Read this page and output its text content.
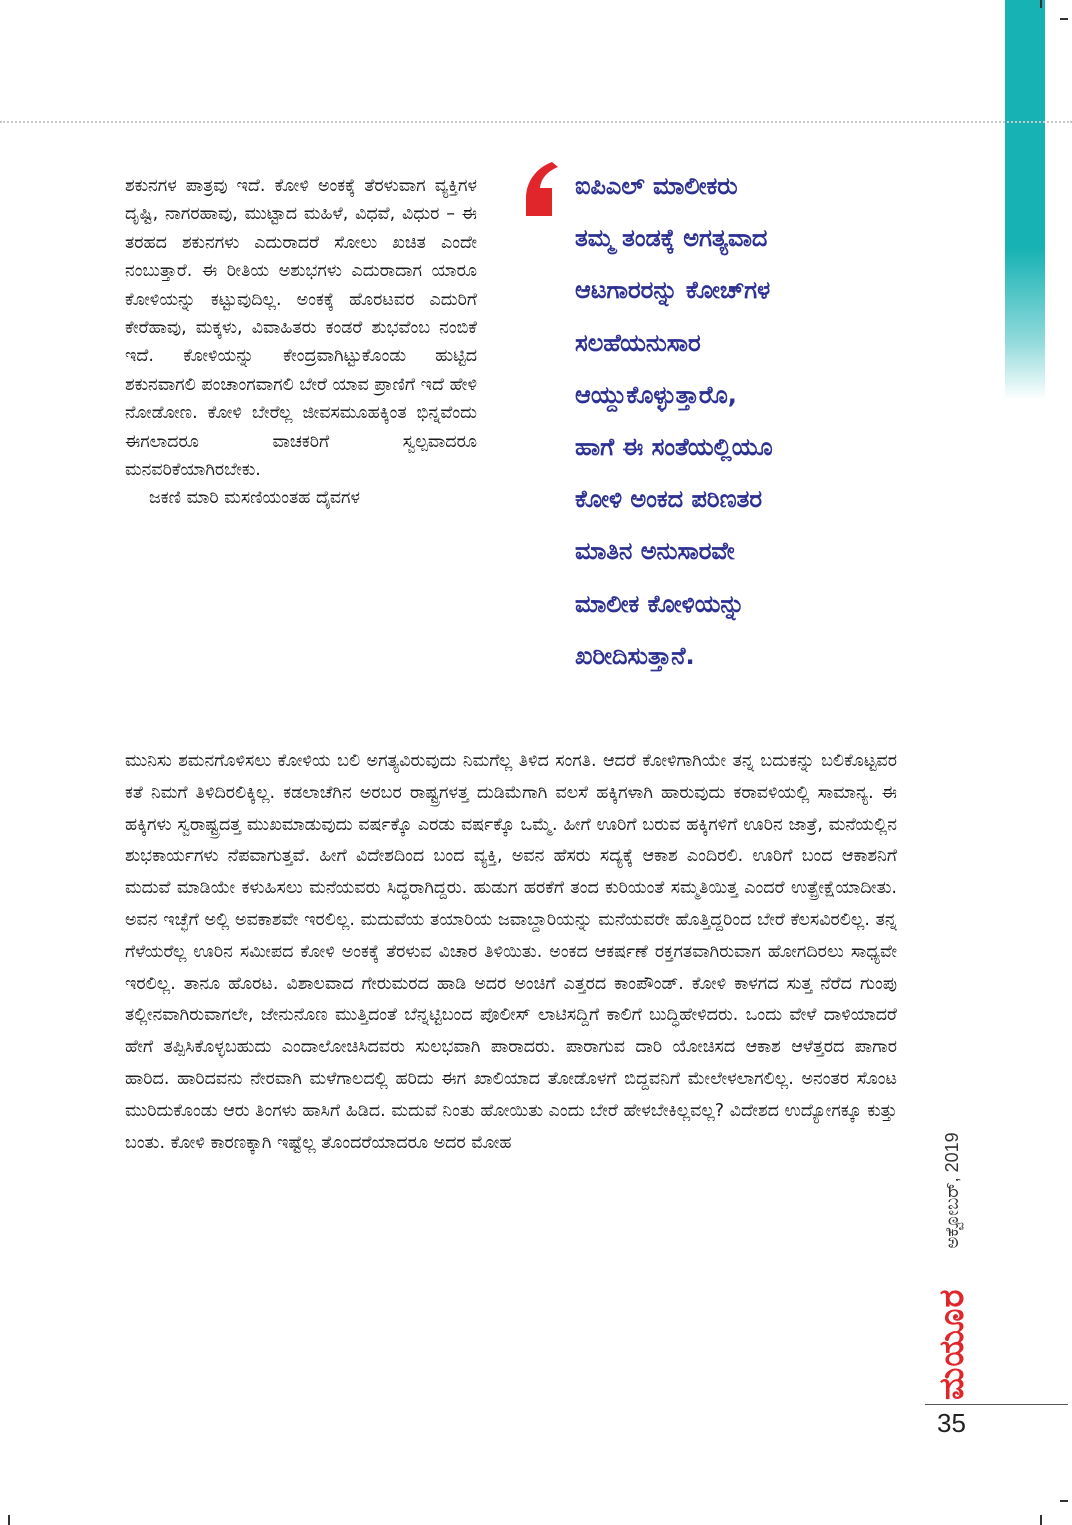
ಶಕುನಗಳ ಪಾತ್ರವು ಇದೆ. ಕೋಳಿ ಅಂಕಕ್ಕೆ ತೆರಳುವಾಗ ವ್ಯಕ್ತಿಗಳ ದೃಷ್ಟಿ, ನಾಗರಹಾವು, ಮುಟ್ಟಾದ ಮಹಿಳೆ, ವಿಧವೆ, ವಿಧುರ – ಈ ತರಹದ ಶಕುನಗಳು ಎದುರಾದರೆ ಸೋಲು ಖಚಿತ ಎಂದೇ ನಂಬುತ್ತಾರೆ. ಈ ರೀತಿಯ ಅಶುಭಗಳು ಎದುರಾದಾಗ ಯಾರೂ ಕೋಳಿಯನ್ನು ಕಟ್ಟುವುದಿಲ್ಲ. ಅಂಕಕ್ಕೆ ಹೊರಟವರ ಎದುರಿಗೆ ಕೇರೆಹಾವು, ಮಕ್ಕಳು, ವಿವಾಹಿತರು ಕಂಡರೆ ಶುಭವೆಂಬ ನಂಬಿಕೆ ಇದೆ. ಕೋಳಿಯನ್ನು ಕೇಂದ್ರವಾಗಿಟ್ಟುಕೊಂಡು ಹುಟ್ಟಿದ ಶಕುನವಾಗಲಿ ಪಂಚಾಂಗವಾಗಲಿ ಬೇರೆ ಯಾವ ಪ್ರಾಣಿಗೆ ಇದೆ ಹೇಳಿ ನೋಡೋಣ. ಕೋಳಿ ಬೇರೆಲ್ಲ ಜೀವಸಮೂಹಕ್ಕಿಂತ ಭಿನ್ನವೆಂದು ಈಗಲಾದರೂ ವಾಚಕರಿಗೆ ಸ್ವಲ್ಪವಾದರೂ ಮನವರಿಕೆಯಾಗಿರಬೇಕು.

ಜಕಣಿ ಮಾರಿ ಮಸಣಿಯಂತಹ ದೈವಗಳ

ಐಪಿಎಲ್ ಮಾಲೀಕರು
ತಮ್ಮ ತಂಡಕ್ಕೆ ಅಗತ್ಯವಾದ
ಆಟಗಾರರನ್ನು ಕೋಚ್‌ಗಳ
ಸಲಹೆಯನುಸಾರ
ಆಯ್ದುಕೊಳ್ಳುತ್ತಾರೊ,
ಹಾಗೆ ಈ ಸಂತೆಯಲ್ಲಿಯೂ
ಕೋಳಿ ಅಂಕದ ಪರಿಣತರ
ಮಾತಿನ ಅನುಸಾರವೇ
ಮಾಲೀಕ ಕೋಳಿಯನ್ನು
ಖರೀದಿಸುತ್ತಾನೆ.

ಮುನಿಸು ಶಮನಗೊಳಿಸಲು ಕೋಳಿಯ ಬಲಿ ಅಗತ್ಯವಿರುವುದು ನಿಮಗೆಲ್ಲ ತಿಳಿದ ಸಂಗತಿ. ಆದರೆ ಕೋಳಿಗಾಗಿಯೇ ತನ್ನ ಬದುಕನ್ನು ಬಲಿಕೊಟ್ಟವರ ಕತೆ ನಿಮಗೆ ತಿಳಿದಿರಲಿಕ್ಕಿಲ್ಲ. ಕಡಲಾಚೆಗಿನ ಅರಬರ ರಾಷ್ಟ್ರಗಳತ್ತ ದುಡಿಮೆಗಾಗಿ ವಲಸೆ ಹಕ್ಕಿಗಳಾಗಿ ಹಾರುವುದು ಕರಾವಳಿಯಲ್ಲಿ ಸಾಮಾನ್ಯ. ಈ ಹಕ್ಕಿಗಳು ಸ್ವರಾಷ್ಟ್ರದತ್ತ ಮುಖಮಾಡುವುದು ವರ್ಷಕ್ಕೊ ಎರಡು ವರ್ಷಕ್ಕೊ ಒಮ್ಮೆ. ಹೀಗೆ ಊರಿಗೆ ಬರುವ ಹಕ್ಕಿಗಳಿಗೆ ಊರಿನ ಜಾತ್ರೆ, ಮನೆಯಲ್ಲಿನ ಶುಭಕಾರ್ಯಗಳು ನೆಪವಾಗುತ್ತವೆ. ಹೀಗೆ ವಿದೇಶದಿಂದ ಬಂದ ವ್ಯಕ್ತಿ, ಅವನ ಹೆಸರು ಸದ್ಯಕ್ಕೆ ಆಕಾಶ ಎಂದಿರಲಿ. ಊರಿಗೆ ಬಂದ ಆಕಾಶನಿಗೆ ಮದುವೆ ಮಾಡಿಯೇ ಕಳುಹಿಸಲು ಮನೆಯವರು ಸಿದ್ಧರಾಗಿದ್ದರು. ಹುಡುಗ ಹರಕೆಗೆ ತಂದ ಕುರಿಯಂತೆ ಸಮ್ಮತಿಯಿತ್ತ ಎಂದರೆ ಉತ್ಪ್ರೇಕ್ಷೆಯಾದೀತು. ಅವನ ಇಚ್ಛೆಗೆ ಅಲ್ಲಿ ಅವಕಾಶವೇ ಇರಲಿಲ್ಲ. ಮದುವೆಯ ತಯಾರಿಯ ಜವಾಬ್ದಾರಿಯನ್ನು ಮನೆಯವರೇ ಹೊತ್ತಿದ್ದರಿಂದ ಬೇರೆ ಕೆಲಸವಿರಲಿಲ್ಲ. ತನ್ನ ಗೆಳೆಯರೆಲ್ಲ ಊರಿನ ಸಮೀಪದ ಕೋಳಿ ಅಂಕಕ್ಕೆ ತೆರಳುವ ವಿಚಾರ ತಿಳಿಯಿತು. ಅಂಕದ ಆಕರ್ಷಣೆ ರಕ್ತಗತವಾಗಿರುವಾಗ ಹೋಗದಿರಲು ಸಾಧ್ಯವೇ ಇರಲಿಲ್ಲ. ತಾನೂ ಹೊರಟ. ವಿಶಾಲವಾದ ಗೇರುಮರದ ಹಾಡಿ ಅದರ ಅಂಚಿಗೆ ಎತ್ತರದ ಕಾಂಪೌಂಡ್. ಕೋಳಿ ಕಾಳಗದ ಸುತ್ತ ನೆರೆದ ಗುಂಪು ತಲ್ಲೀನವಾಗಿರುವಾಗಲೇ, ಜೇನುನೊಣ ಮುತ್ತಿದಂತೆ ಬೆನ್ನಟ್ಟಿಬಂದ ಪೊಲೀಸ್ ಲಾಟಿಸದ್ದಿಗೆ ಕಾಲಿಗೆ ಬುದ್ಧಿಹೇಳಿದರು. ಒಂದು ವೇಳೆ ದಾಳಿಯಾದರೆ ಹೇಗೆ ತಪ್ಪಿಸಿಕೊಳ್ಳಬಹುದು ಎಂದಾಲೋಚಿಸಿದವರು ಸುಲಭವಾಗಿ ಪಾರಾದರು. ಪಾರಾಗುವ ದಾರಿ ಯೋಚಿಸದ ಆಕಾಶ ಆಳೆತ್ತರದ ಪಾಗಾರ ಹಾರಿದ. ಹಾರಿದವನು ನೇರವಾಗಿ ಮಳೆಗಾಲದಲ್ಲಿ ಹರಿದು ಈಗ ಖಾಲಿಯಾದ ತೋಡೊಳಗೆ ಬಿದ್ದವನಿಗೆ ಮೇಲೇಳಲಾಗಲಿಲ್ಲ. ಅನಂತರ ಸೊಂಟ ಮುರಿದುಕೊಂಡು ಆರು ತಿಂಗಳು ಹಾಸಿಗೆ ಹಿಡಿದ. ಮದುವೆ ನಿಂತು ಹೋಯಿತು ಎಂದು ಬೇರೆ ಹೇಳಬೇಕಿಲ್ಲವಲ್ಲ? ವಿದೇಶದ ಉದ್ಯೋಗಕ್ಕೂ ಕುತ್ತು ಬಂತು. ಕೋಳಿ ಕಾರಣಕ್ಕಾಗಿ ಇಷ್ಟೆಲ್ಲ ತೊಂದರೆಯಾದರೂ ಅದರ ಮೋಹ

ಮಯೂರ
ಅಕ್ಟೋಬರ್, 2019
35
